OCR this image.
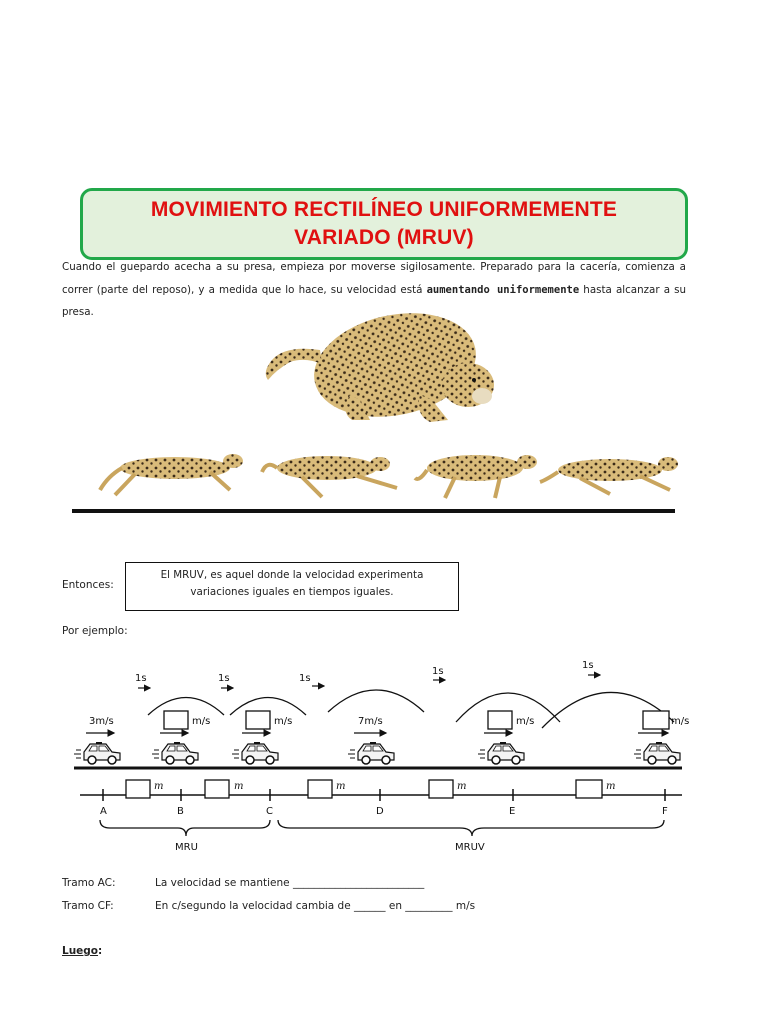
MOVIMIENTO RECTILÍNEO UNIFORMEMENTE
VARIADO (MRUV)
Cuando el guepardo acecha a su presa, empieza por moverse sigilosamente. Preparado para la cacería, comienza a correr (parte del reposo), y a medida que lo hace, su velocidad está aumentando uniformemente hasta alcanzar a su presa.
Entonces:
El MRUV, es aquel donde la velocidad experimenta
variaciones iguales en tiempos iguales.
Por ejemplo:
1s	1s	1s
1s
1s
3m/s	m/s	m/s	7m/s	m/s	m/s
m	m	m	m	m
A	B	C	D	E	F
MRU	MRUV
Tramo AC:	La velocidad se mantiene _________________________
Tramo CF:	En c/segundo la velocidad cambia de ______ en _________ m/s
Luego:
